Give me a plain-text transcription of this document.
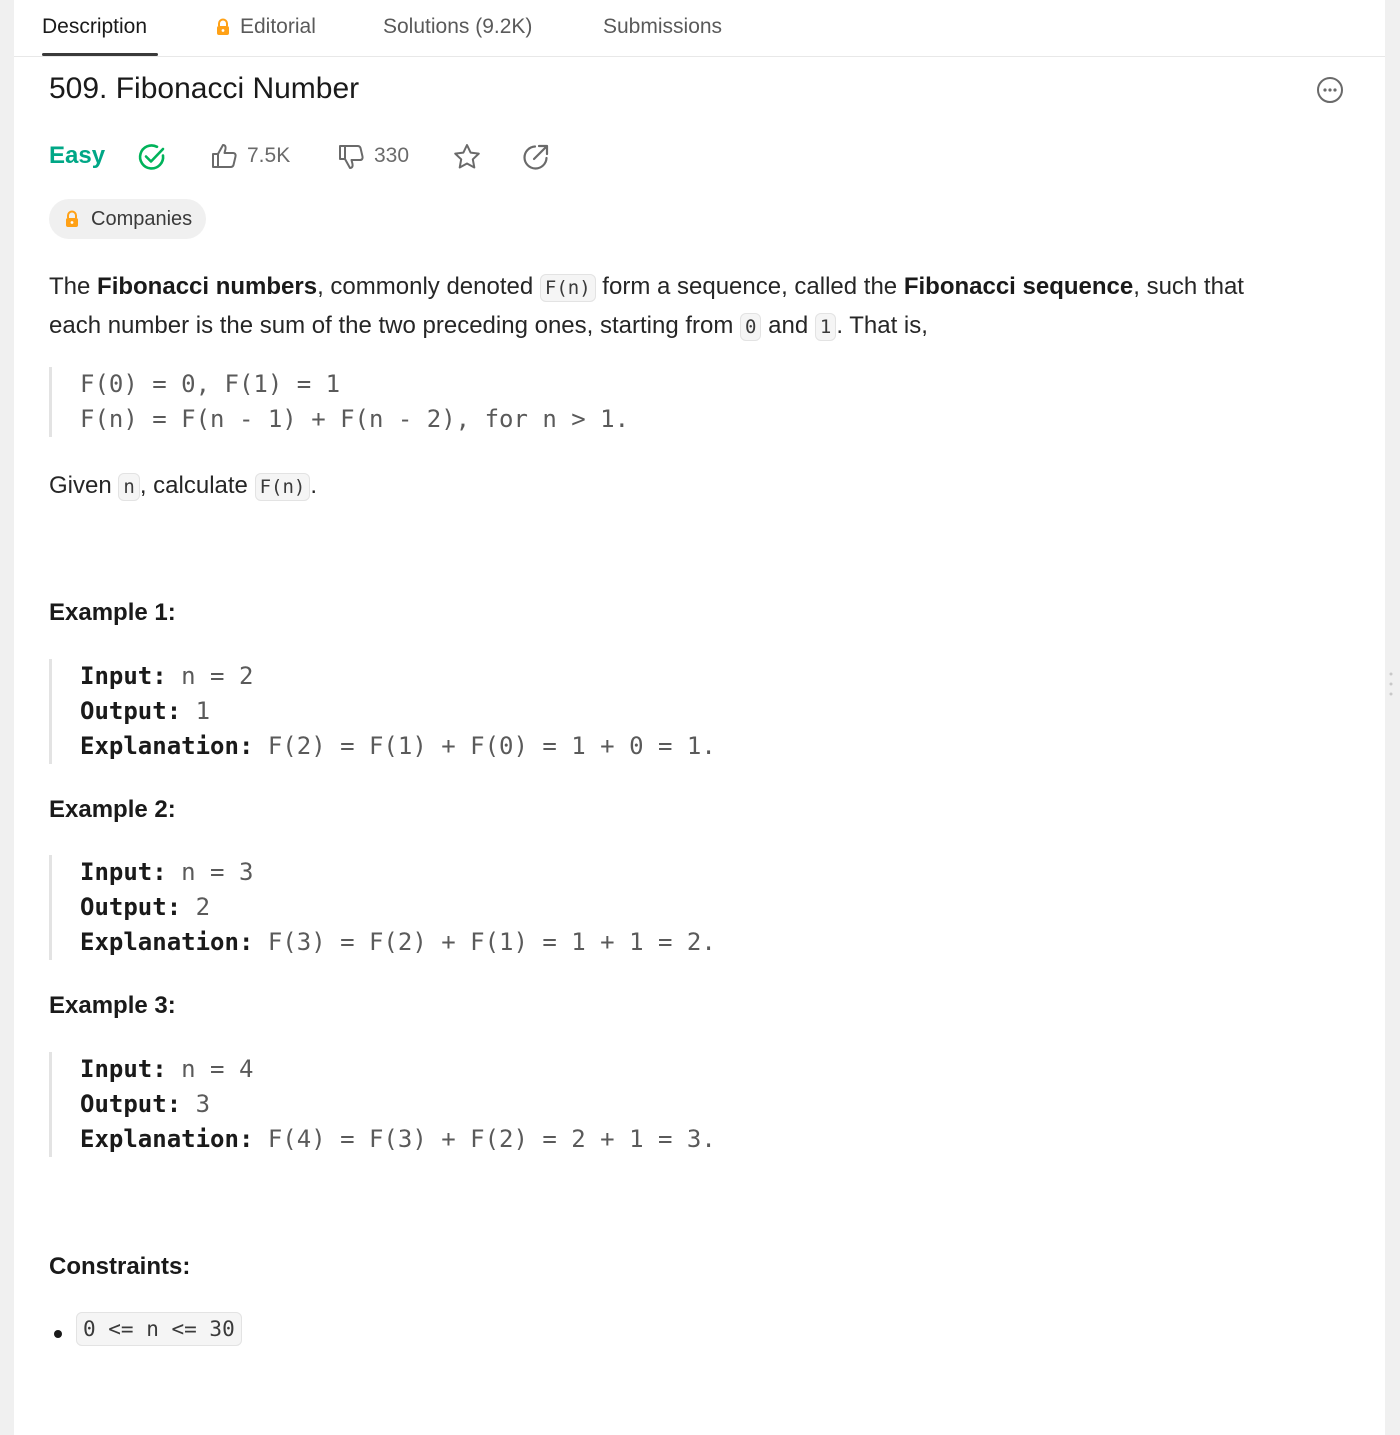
Description	Editorial	Solutions (9.2K)	Submissions
509. Fibonacci Number
Easy	7.5K	330
Companies
The Fibonacci numbers, commonly denoted F(n) form a sequence, called the Fibonacci sequence, such that
each number is the sum of the two preceding ones, starting from 0 and 1 . That is,
F(0) = 0, F(1) = 1
F(n) = F(n - 1) + F(n - 2), for n > 1.
Given n , calculate F(n) .
Example 1:
Input: n = 2
Output: 1
Explanation: F(2) = F(1) + F(0) = 1 + 0 = 1.
Example 2:
Input: n = 3
Output: 2
Explanation: F(3) = F(2) + F(1) = 1 + 1 = 2.
Example 3:
Input: n = 4
Output: 3
Explanation: F(4) = F(3) + F(2) = 2 + 1 = 3.
Constraints:
0 <= n <= 30
